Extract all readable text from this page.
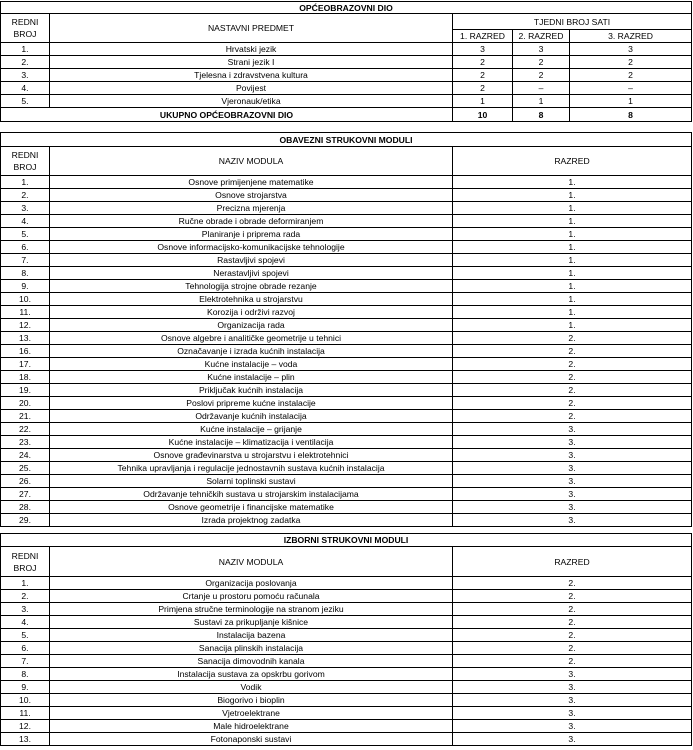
OPĆEOBRAZOVNI DIO				
REDNI BROJ	NASTAVNI PREDMET	TJEDNI BROJ SATI		
		1. RAZRED	2. RAZRED	3. RAZRED
1.	Hrvatski jezik	3	3	3
2.	Strani jezik I	2	2	2
3.	Tjelesna i zdravstvena kultura	2	2	2
4.	Povijest	2	–	–
5.	Vjeronauk/etika	1	1	1
UKUPNO OPĆEOBRAZOVNI DIO		10	8	8
OBAVEZNI STRUKOVNI MODULI		
REDNI BROJ	NAZIV MODULA	RAZRED
1.	Osnove primijenjene matematike	1.
2.	Osnove strojarstva	1.
3.	Precizna mjerenja	1.
4.	Ručne obrade i obrade deformiranjem	1.
5.	Planiranje i priprema rada	1.
6.	Osnove informacijsko-komunikacijske tehnologije	1.
7.	Rastavljivi spojevi	1.
8.	Nerastavljivi spojevi	1.
9.	Tehnologija strojne obrade rezanje	1.
10.	Elektrotehnika u strojarstvu	1.
11.	Korozija i održivi razvoj	1.
12.	Organizacija rada	1.
13.	Osnove algebre i analitičke geometrije u tehnici	2.
16.	Označavanje i izrada kućnih instalacija	2.
17.	Kućne instalacije – voda	2.
18.	Kućne instalacije – plin	2.
19.	Priključak kućnih instalacija	2.
20.	Poslovi pripreme kućne instalacije	2.
21.	Održavanje kućnih instalacija	2.
22.	Kućne instalacije – grijanje	3.
23.	Kućne instalacije – klimatizacija i ventilacija	3.
24.	Osnove građevinarstva u strojarstvu i elektrotehnici	3.
25.	Tehnika upravljanja i regulacije jednostavnih sustava kućnih instalacija	3.
26.	Solarni toplinski sustavi	3.
27.	Održavanje tehničkih sustava u strojarskim instalacijama	3.
28.	Osnove geometrije i financijske matematike	3.
29.	Izrada projektnog zadatka	3.
IZBORNI STRUKOVNI MODULI		
REDNI BROJ	NAZIV MODULA	RAZRED
1.	Organizacija poslovanja	2.
2.	Crtanje u prostoru pomoću računala	2.
3.	Primjena stručne terminologije na stranom jeziku	2.
4.	Sustavi za prikupljanje kišnice	2.
5.	Instalacija bazena	2.
6.	Sanacija plinskih instalacija	2.
7.	Sanacija dimovodnih kanala	2.
8.	Instalacija sustava za opskrbu gorivom	3.
9.	Vodik	3.
10.	Biogorivo i bioplin	3.
11.	Vjetroelektrane	3.
12.	Male hidroelektrane	3.
13.	Fotonaponski sustavi	3.
